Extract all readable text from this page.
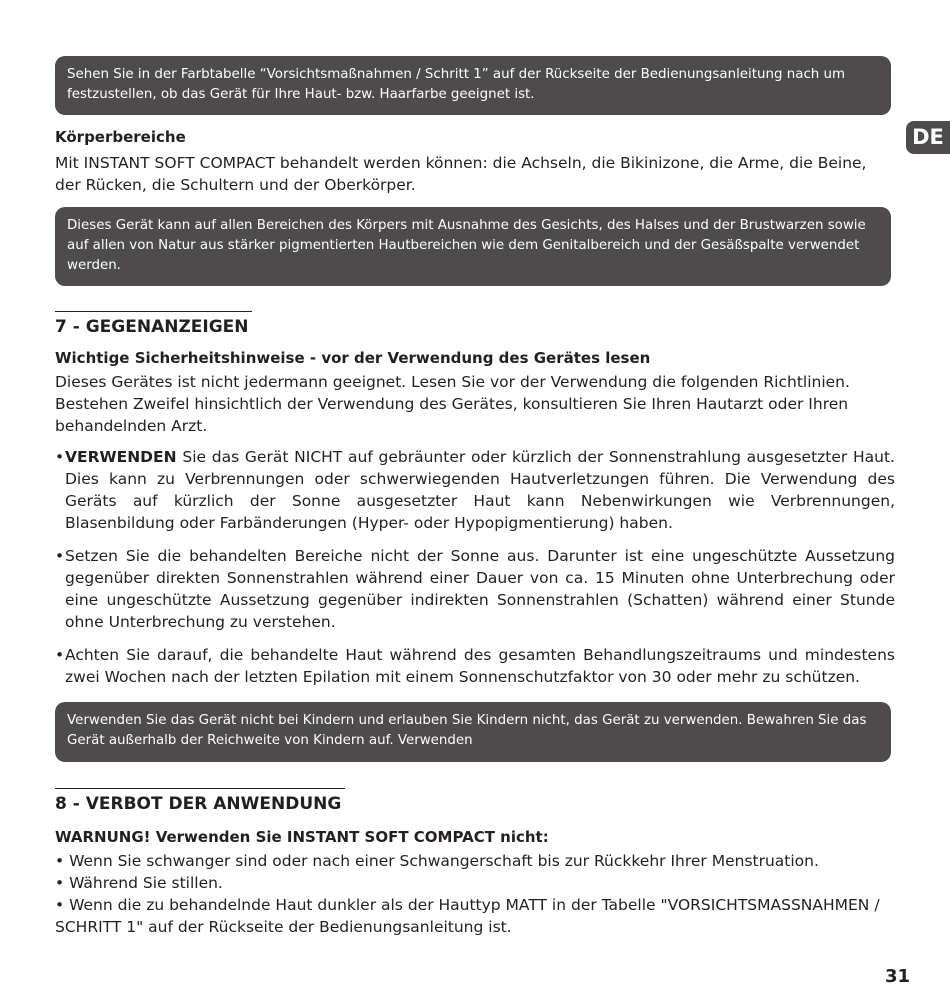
Sehen Sie in der Farbtabelle “Vorsichtsmaßnahmen / Schritt 1” auf der Rückseite der Bedienungsanleitung nach um festzustellen, ob das Gerät für Ihre Haut- bzw. Haarfarbe geeignet ist.
DE
Körperbereiche
Mit INSTANT SOFT COMPACT behandelt werden können: die Achseln, die Bikinizone, die Arme, die Beine, der Rücken, die Schultern und der Oberkörper.
Dieses Gerät kann auf allen Bereichen des Körpers mit Ausnahme des Gesichts, des Halses und der Brustwarzen sowie auf allen von Natur aus stärker pigmentierten Hautbereichen wie dem Genitalbereich und der Gesäßspalte verwendet werden.
7 - GEGENANZEIGEN
Wichtige Sicherheitshinweise - vor der Verwendung des Gerätes lesen
Dieses Gerätes ist nicht jedermann geeignet. Lesen Sie vor der Verwendung die folgenden Richtlinien. Bestehen Zweifel hinsichtlich der Verwendung des Gerätes, konsultieren Sie Ihren Hautarzt oder Ihren behandelnden Arzt.
• VERWENDEN Sie das Gerät NICHT auf gebräunter oder kürzlich der Sonnenstrahlung ausgesetzter Haut. Dies kann zu Verbrennungen oder schwerwiegenden Hautverletzungen führen. Die Verwendung des Geräts auf kürzlich der Sonne ausgesetzter Haut kann Nebenwirkungen wie Verbrennungen, Blasenbildung oder Farbänderungen (Hyper- oder Hypopigmentierung) haben.
• Setzen Sie die behandelten Bereiche nicht der Sonne aus. Darunter ist eine ungeschützte Aussetzung gegenüber direkten Sonnenstrahlen während einer Dauer von ca. 15 Minuten ohne Unterbrechung oder eine ungeschützte Aussetzung gegenüber indirekten Sonnenstrahlen (Schatten) während einer Stunde ohne Unterbrechung zu verstehen.
• Achten Sie darauf, die behandelte Haut während des gesamten Behandlungszeitraums und mindestens zwei Wochen nach der letzten Epilation mit einem Sonnenschutzfaktor von 30 oder mehr zu schützen.
Verwenden Sie das Gerät nicht bei Kindern und erlauben Sie Kindern nicht, das Gerät zu verwenden. Bewahren Sie das Gerät außerhalb der Reichweite von Kindern auf. Verwenden
8 - VERBOT DER ANWENDUNG
WARNUNG! Verwenden Sie INSTANT SOFT COMPACT nicht:
• Wenn Sie schwanger sind oder nach einer Schwangerschaft bis zur Rückkehr Ihrer Menstruation.
• Während Sie stillen.
• Wenn die zu behandelnde Haut dunkler als der Hauttyp MATT in der Tabelle "VORSICHTSMASSNAHMEN / SCHRITT 1" auf der Rückseite der Bedienungsanleitung ist.
31
